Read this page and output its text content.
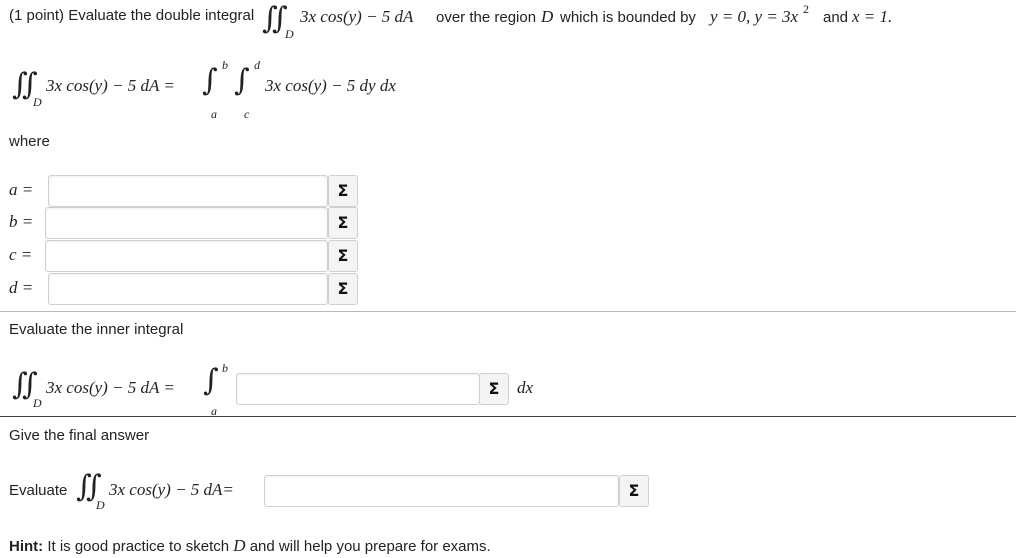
(1 point) Evaluate the double integral ∬
D
3x cos(y) − 5 dA over the region D which is bounded by y = 0, y = 3x 2 and x = 1.
∬
D
3x cos(y) − 5 dA = ∫ b
a
∫ d
c
3x cos(y) − 5 dy dx
where
a =	Σ
b =	Σ
c =	Σ
d =	Σ
Evaluate the inner integral
∬
D
3x cos(y) − 5 dA = ∫ b
a
Σ	dx
Give the final answer
Evaluate ∬
D
3x cos(y) − 5 dA=	Σ
Hint: It is good practice to sketch D and will help you prepare for exams.
